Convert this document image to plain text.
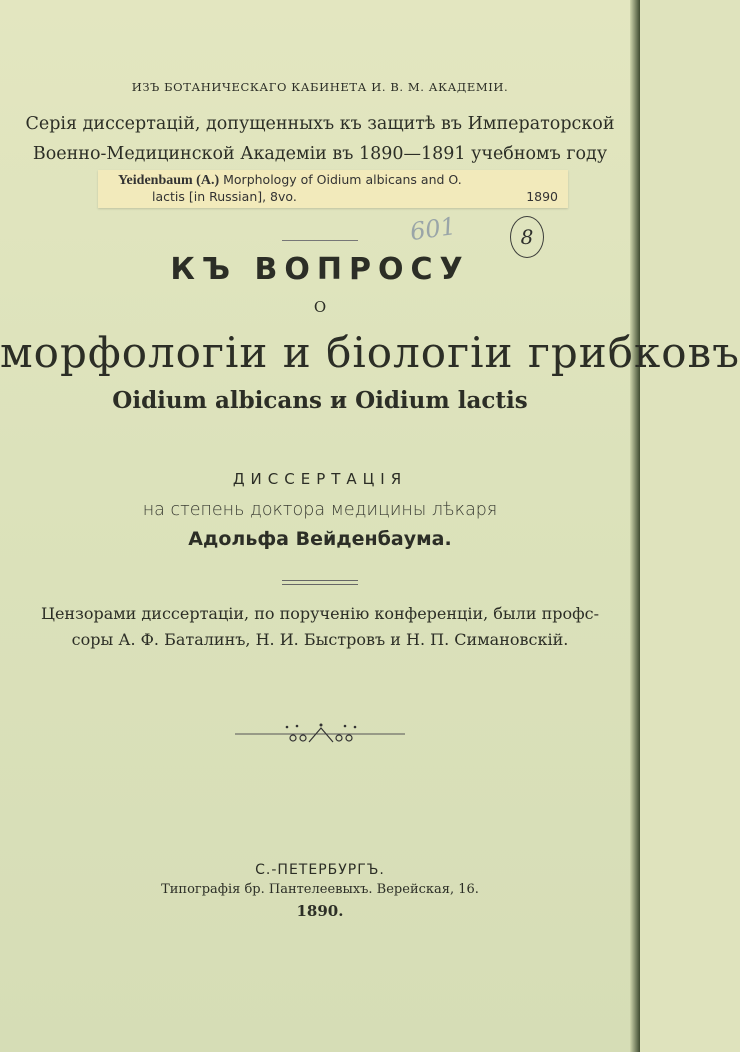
ИЗЪ БОТАНИЧЕСКАГО КАБИНЕТА И. В. М. АКАДЕМІИ.
Серія диссертацій, допущенныхъ къ защитѣ въ Императорской
Военно-Медицинской Академіи въ 1890—1891 учебномъ году
Yeidenbaum (A.) Morphology of Oidium albicans and O.
lactis [in Russian], 8vo.	1890
601	8
КЪ ВОПРОСУ
О
морфологіи и біологіи грибковъ
Oidium albicans и Oidium lactis
ДИССЕРТАЦІЯ
на степень доктора медицины лѣкаря
Адольфа Вейденбаума.
Цензорами диссертаціи, по порученію конференціи, были профс-
соры А. Ф. Баталинъ, Н. И. Быстровъ и Н. П. Симановскій.
С.-ПЕТЕРБУРГЪ.
Типографія бр. Пантелеевыхъ. Верейская, 16.
1890.
